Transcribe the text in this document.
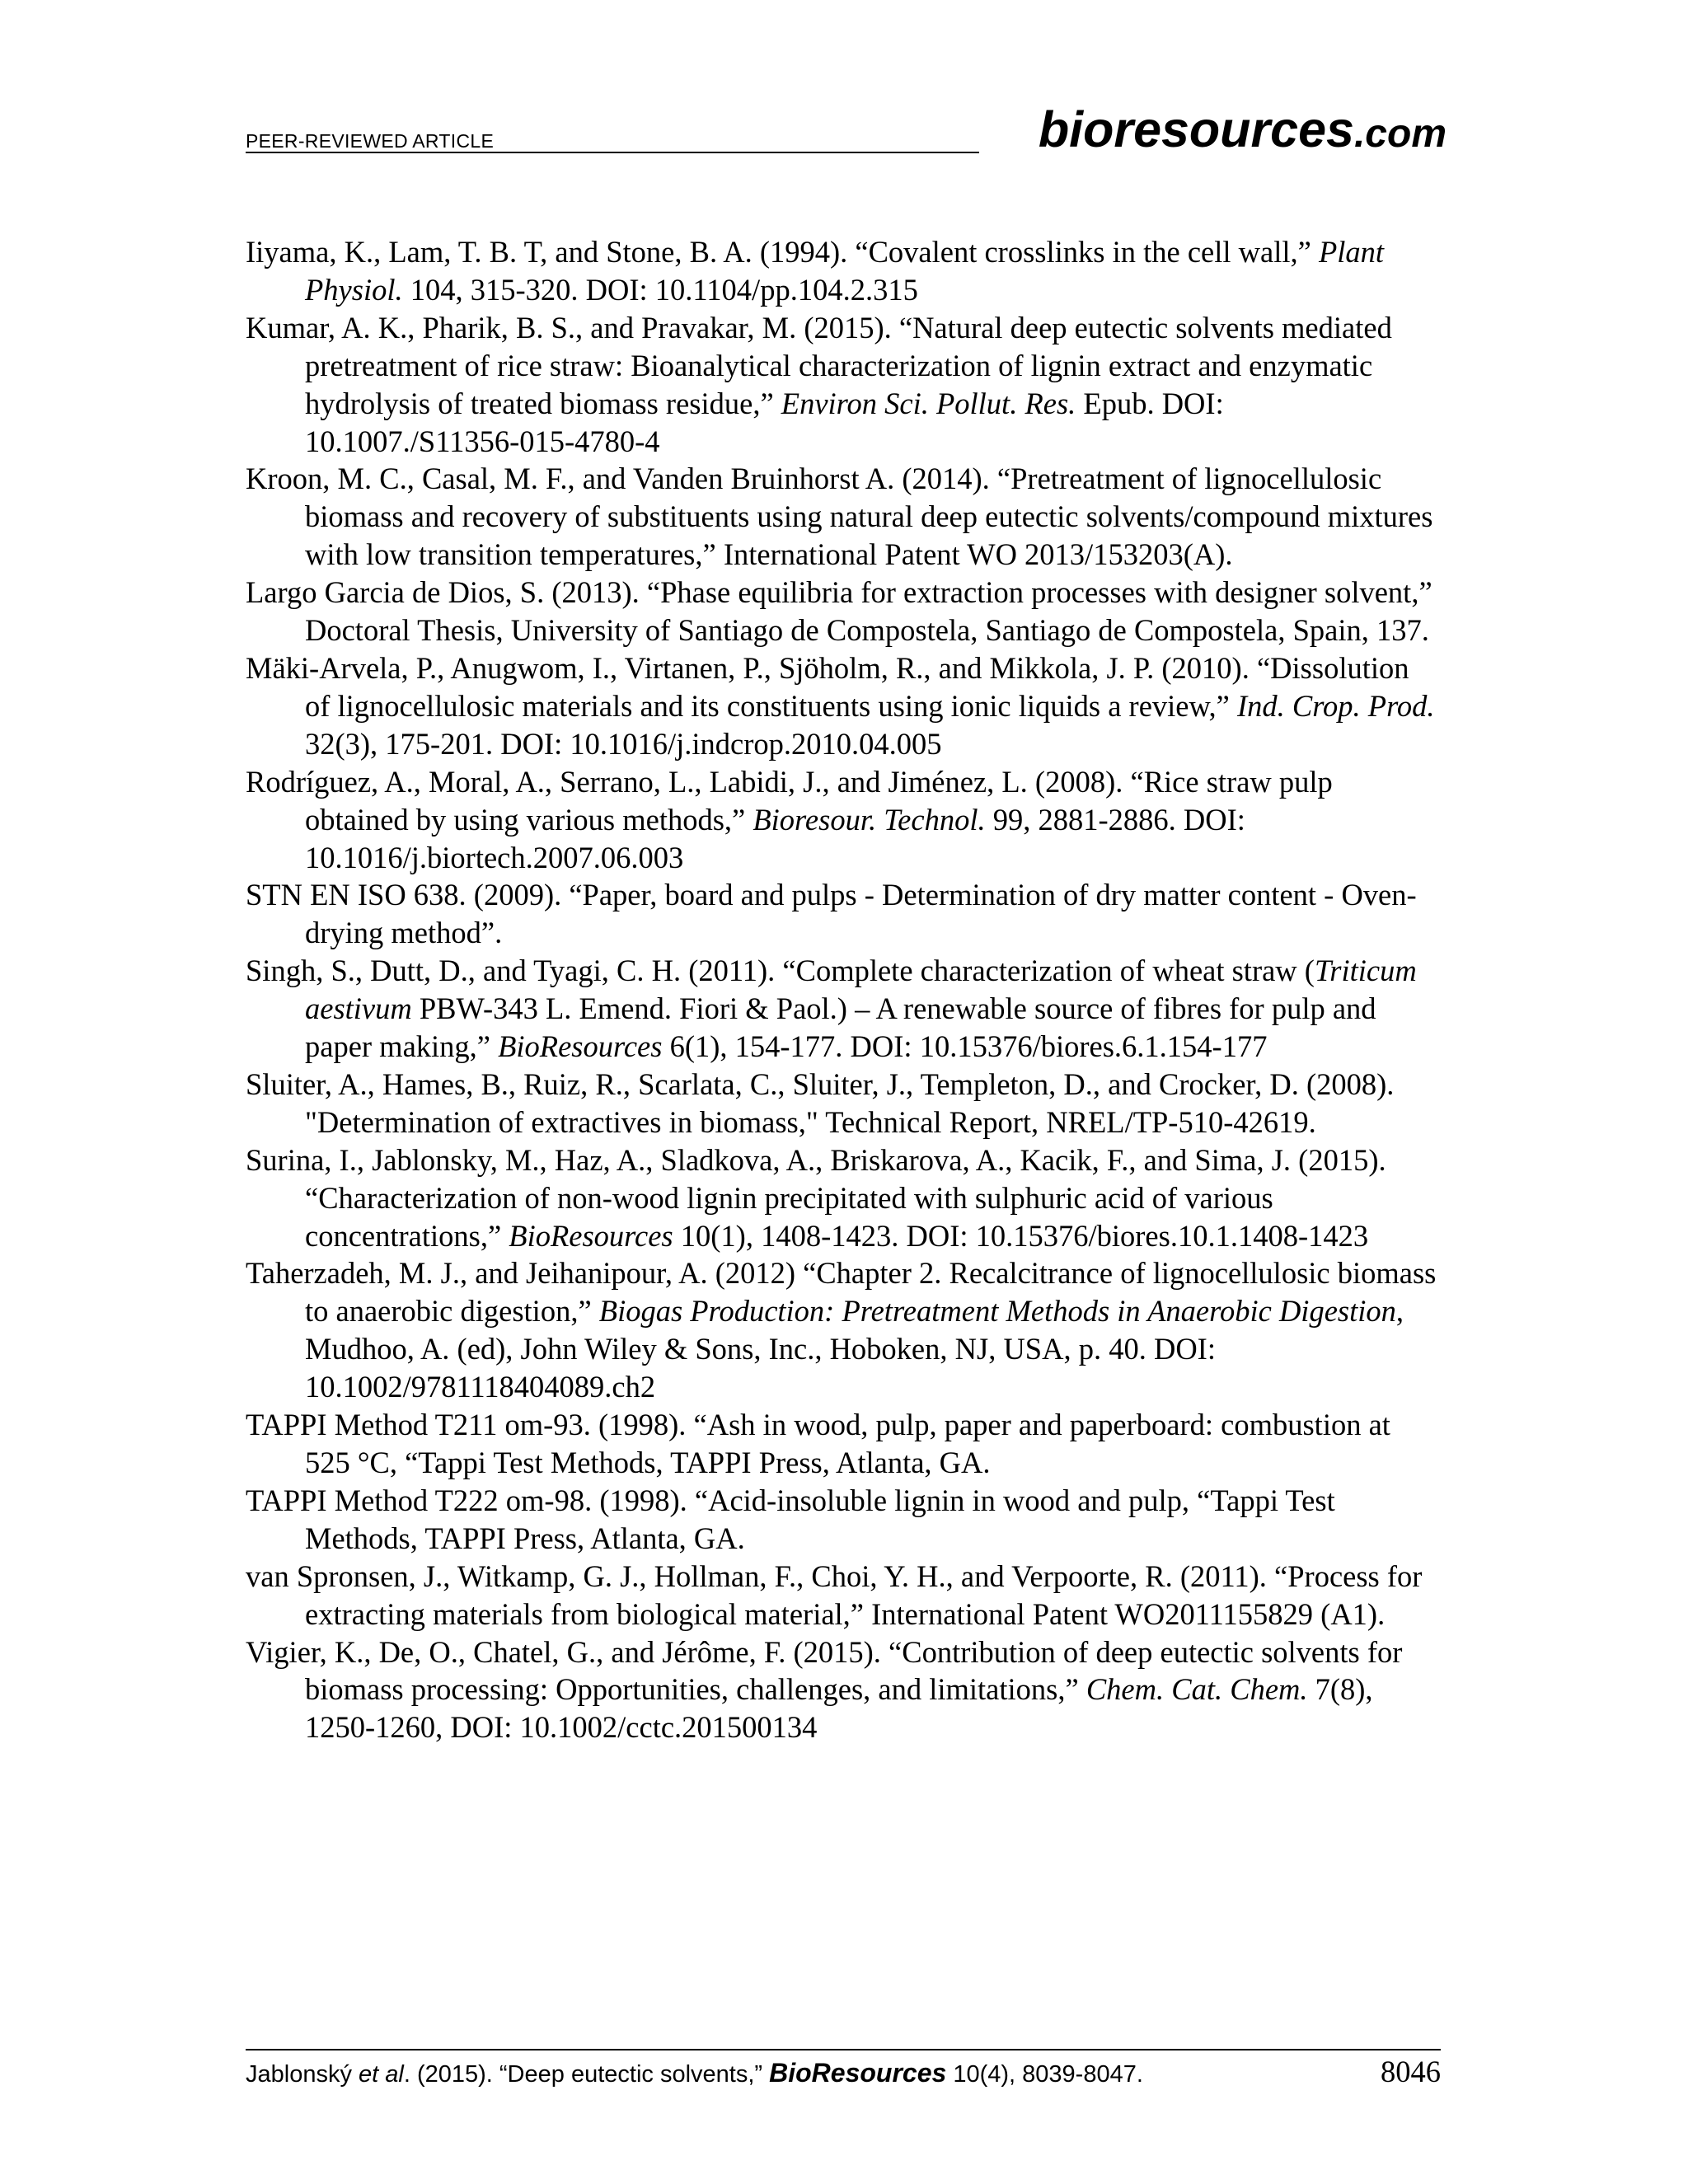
PEER-REVIEWED ARTICLE	bioresources.com
Iiyama, K., Lam, T. B. T, and Stone, B. A. (1994). “Covalent crosslinks in the cell wall,” Plant Physiol. 104, 315-320. DOI: 10.1104/pp.104.2.315
Kumar, A. K., Pharik, B. S., and Pravakar, M. (2015). “Natural deep eutectic solvents mediated pretreatment of rice straw: Bioanalytical characterization of lignin extract and enzymatic hydrolysis of treated biomass residue,” Environ Sci. Pollut. Res. Epub. DOI: 10.1007./S11356-015-4780-4
Kroon, M. C., Casal, M. F., and Vanden Bruinhorst A. (2014). “Pretreatment of lignocellulosic biomass and recovery of substituents using natural deep eutectic solvents/compound mixtures with low transition temperatures,” International Patent WO 2013/153203(A).
Largo Garcia de Dios, S. (2013). “Phase equilibria for extraction processes with designer solvent,” Doctoral Thesis, University of Santiago de Compostela, Santiago de Compostela, Spain, 137.
Mäki-Arvela, P., Anugwom, I., Virtanen, P., Sjöholm, R., and Mikkola, J. P. (2010). “Dissolution of lignocellulosic materials and its constituents using ionic liquids a review,” Ind. Crop. Prod. 32(3), 175-201. DOI: 10.1016/j.indcrop.2010.04.005
Rodríguez, A., Moral, A., Serrano, L., Labidi, J., and Jiménez, L. (2008). “Rice straw pulp obtained by using various methods,” Bioresour. Technol. 99, 2881-2886. DOI: 10.1016/j.biortech.2007.06.003
STN EN ISO 638. (2009). “Paper, board and pulps - Determination of dry matter content - Oven-drying method”.
Singh, S., Dutt, D., and Tyagi, C. H. (2011). “Complete characterization of wheat straw (Triticum aestivum PBW-343 L. Emend. Fiori & Paol.) – A renewable source of fibres for pulp and paper making,” BioResources 6(1), 154-177. DOI: 10.15376/biores.6.1.154-177
Sluiter, A., Hames, B., Ruiz, R., Scarlata, C., Sluiter, J., Templeton, D., and Crocker, D. (2008). "Determination of extractives in biomass," Technical Report, NREL/TP-510-42619.
Surina, I., Jablonsky, M., Haz, A., Sladkova, A., Briskarova, A., Kacik, F., and Sima, J. (2015). “Characterization of non-wood lignin precipitated with sulphuric acid of various concentrations,” BioResources 10(1), 1408-1423. DOI: 10.15376/biores.10.1.1408-1423
Taherzadeh, M. J., and Jeihanipour, A. (2012) “Chapter 2. Recalcitrance of lignocellulosic biomass to anaerobic digestion,” Biogas Production: Pretreatment Methods in Anaerobic Digestion, Mudhoo, A. (ed), John Wiley & Sons, Inc., Hoboken, NJ, USA, p. 40. DOI: 10.1002/9781118404089.ch2
TAPPI Method T211 om-93. (1998). “Ash in wood, pulp, paper and paperboard: combustion at 525 °C, “Tappi Test Methods, TAPPI Press, Atlanta, GA.
TAPPI Method T222 om-98. (1998). “Acid-insoluble lignin in wood and pulp, “Tappi Test Methods, TAPPI Press, Atlanta, GA.
van Spronsen, J., Witkamp, G. J., Hollman, F., Choi, Y. H., and Verpoorte, R. (2011). “Process for extracting materials from biological material,” International Patent WO2011155829 (A1).
Vigier, K., De, O., Chatel, G., and Jérôme, F. (2015). “Contribution of deep eutectic solvents for biomass processing: Opportunities, challenges, and limitations,” Chem. Cat. Chem. 7(8), 1250-1260, DOI: 10.1002/cctc.201500134
Jablonský et al. (2015). “Deep eutectic solvents,” BioResources 10(4), 8039-8047.	8046
